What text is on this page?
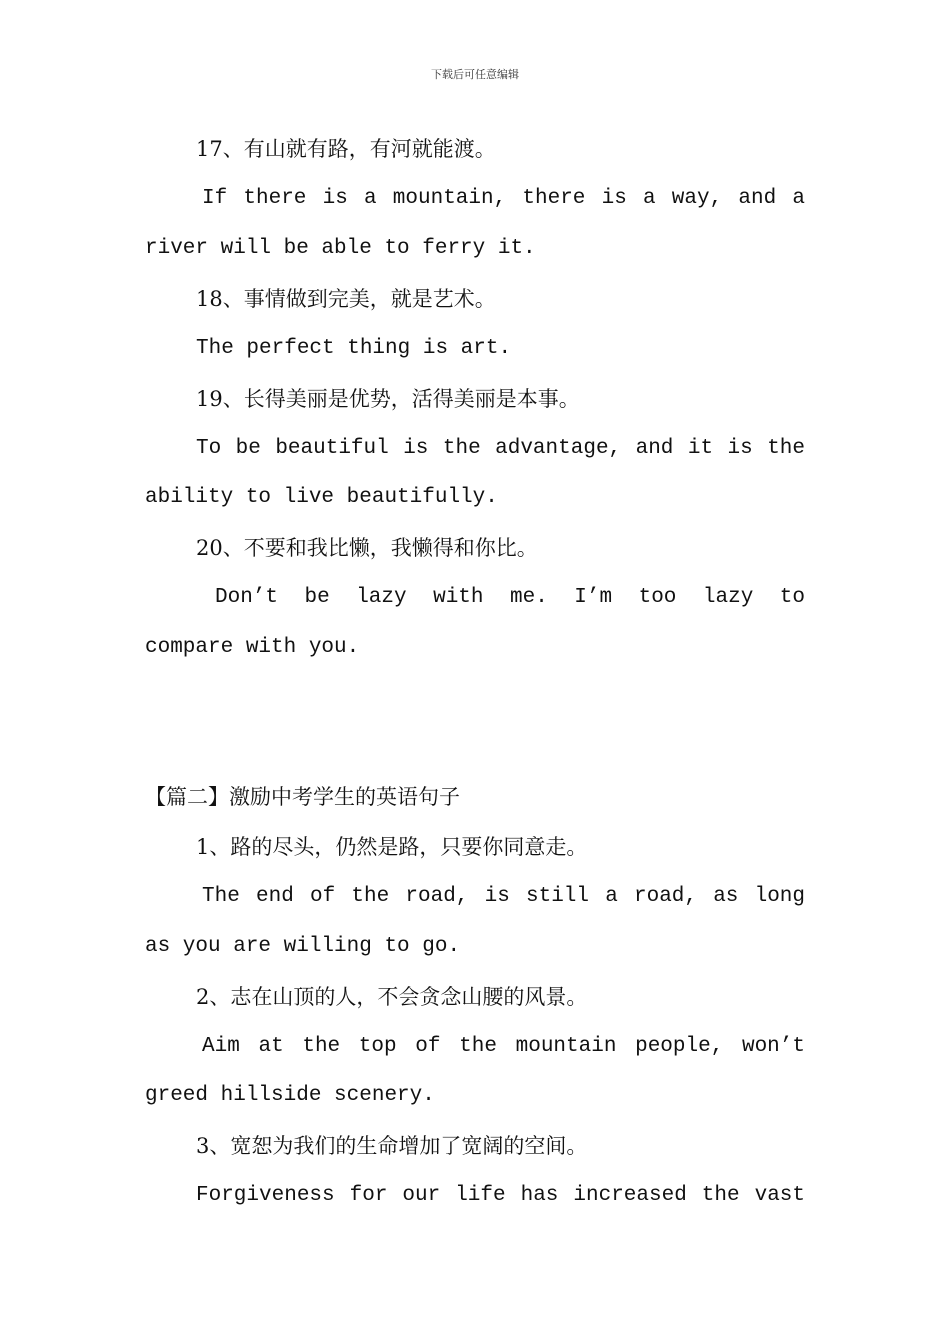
下载后可任意编辑
17、有山就有路，有河就能渡。
If there is a mountain, there is a way, and a
river will be able to ferry it.
18、事情做到完美，就是艺术。
The perfect thing is art.
19、长得美丽是优势，活得美丽是本事。
To be beautiful is the advantage, and it is the
ability to live beautifully.
20、不要和我比懒，我懒得和你比。
Don’t be lazy with me. I’m too lazy to
compare with you.
【篇二】激励中考学生的英语句子
1、路的尽头，仍然是路，只要你同意走。
The end of the road, is still a road, as long
as you are willing to go.
2、志在山顶的人，不会贪念山腰的风景。
Aim at the top of the mountain people, won’t
greed hillside scenery.
3、宽恕为我们的生命增加了宽阔的空间。
Forgiveness for our life has increased the vast
